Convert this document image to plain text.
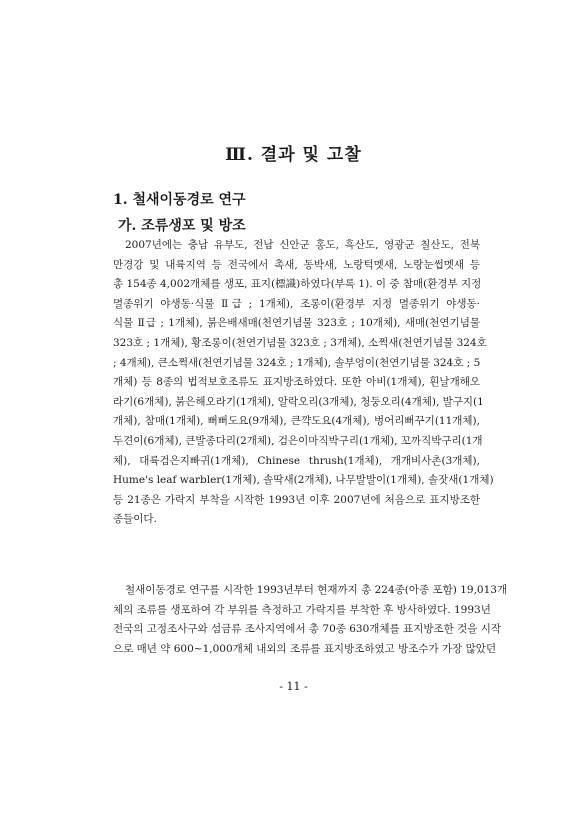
Ⅲ. 결과 및 고찰
1. 철새이동경로 연구
가. 조류생포 및 방조
2007년에는 충남 유부도, 전남 신안군 홍도, 흑산도, 영광군 칠산도, 전북
만경강 및 내륙지역 등 전국에서 촉새, 동박새, 노랑턱멧새, 노랑눈썹멧새 등
총 154종 4,002개체를 생포, 표지(標識)하였다(부록 1). 이 중 참매(환경부 지정
멸종위기 야생동·식물 Ⅱ급 ; 1개체), 조롱이(환경부 지정 멸종위기 야생동·
식물 Ⅱ급 ; 1개체), 붉은배새매(천연기념물 323호 ; 10개체), 새매(천연기념물
323호 ; 1개체), 황조롱이(천연기념물 323호 ; 3개체), 소쩍새(천연기념물 324호
; 4개체), 큰소쩍새(천연기념물 324호 ; 1개체), 솔부엉이(천연기념물 324호 ; 5
개체) 등 8종의 법적보호조류도 표지방조하였다. 또한 아비(1개체), 흰날개해오
라기(6개체), 붉은해오라기(1개체), 알락오리(3개체), 청둥오리(4개체), 발구지(1
개체), 참매(1개체), 뻐뻐도요(9개체), 큰꺅도요(4개체), 벙어리뻐꾸기(11개체),
두견이(6개체), 큰발종다리(2개체), 검은이마직박구리(1개체), 꼬까직박구리(1개
체), 대륙검은지빠귀(1개체), Chinese thrush(1개체), 개개비사촌(3개체),
Hume's leaf warbler(1개체), 솔딱새(2개체), 나무발발이(1개체), 솔잣새(1개체)
등 21종은 가락지 부착을 시작한 1993년 이후 2007년에 처음으로 표지방조한
종들이다.
철새이동경로 연구를 시작한 1993년부터 현재까지 총 224종(아종 포함) 19,013개
체의 조류를 생포하여 각 부위를 측정하고 가락지를 부착한 후 방사하였다. 1993년
전국의 고정조사구와 섬금류 조사지역에서 총 70종 630개체를 표지방조한 것을 시작
으로 매년 약 600~1,000개체 내외의 조류를 표지방조하였고 방조수가 가장 많았던
- 11 -
